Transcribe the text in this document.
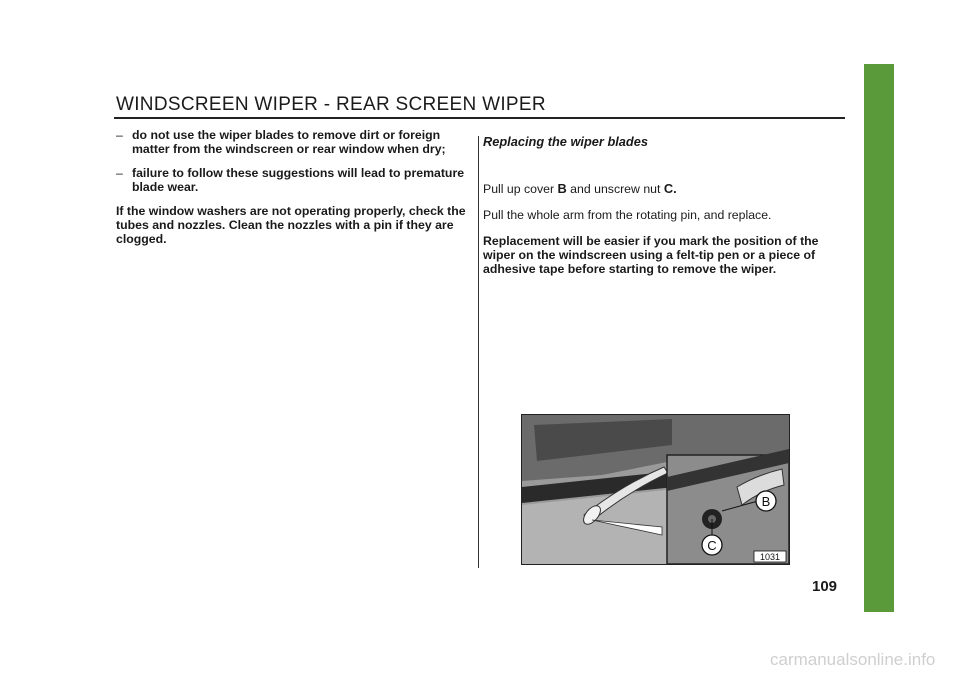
WINDSCREEN WIPER - REAR SCREEN WIPER
– do not use the wiper blades to remove dirt or foreign matter from the windscreen or rear window when dry;
– failure to follow these suggestions will lead to premature blade wear.

If the window washers are not operating properly, check the tubes and nozzles. Clean the nozzles with a pin if they are clogged.

Replacing the wiper blades

Pull up cover B and unscrew nut C.

Pull the whole arm from the rotating pin, and replace.

Replacement will be easier if you mark the position of the wiper on the windscreen using a felt-tip pen or a piece of adhesive tape before starting to remove the wiper.

B
C
1031
109
carmanualsonline.info
